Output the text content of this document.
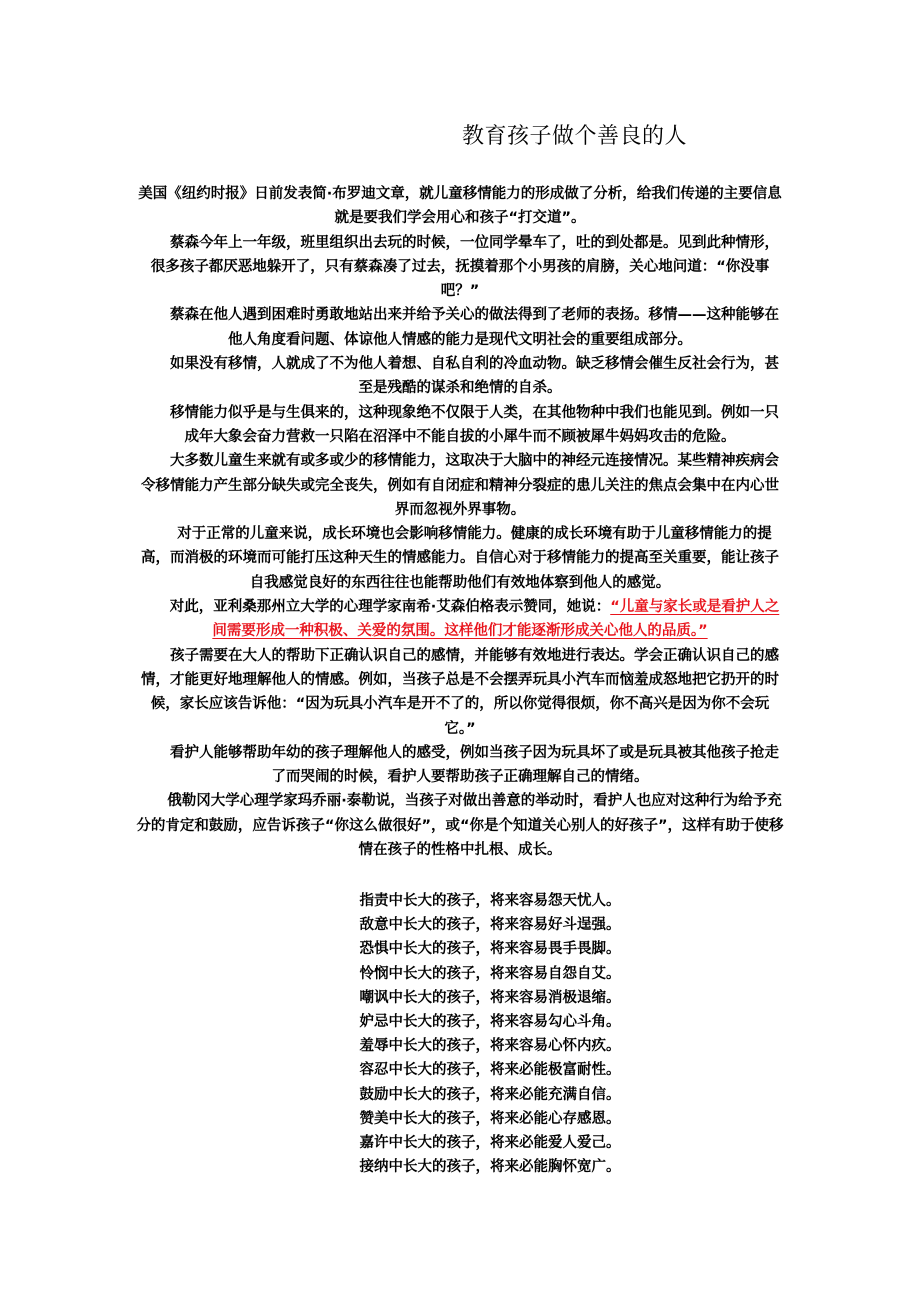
教育孩子做个善良的人

美国《纽约时报》日前发表简·布罗迪文章，就儿童移情能力的形成做了分析，给我们传递的主要信息就是要我们学会用心和孩子“打交道”。

蔡森今年上一年级，班里组织出去玩的时候，一位同学晕车了，吐的到处都是。见到此种情形，很多孩子都厌恶地躲开了，只有蔡森凑了过去，抚摸着那个小男孩的肩膀，关心地问道：“你没事吧？”

蔡森在他人遇到困难时勇敢地站出来并给予关心的做法得到了老师的表扬。移情——这种能够在他人角度看问题、体谅他人情感的能力是现代文明社会的重要组成部分。

如果没有移情，人就成了不为他人着想、自私自利的冷血动物。缺乏移情会催生反社会行为，甚至是残酷的谋杀和绝情的自杀。

移情能力似乎是与生俱来的，这种现象绝不仅限于人类，在其他物种中我们也能见到。例如一只成年大象会奋力营救一只陷在沼泽中不能自拔的小犀牛而不顾被犀牛妈妈攻击的危险。

大多数儿童生来就有或多或少的移情能力，这取决于大脑中的神经元连接情况。某些精神疾病会令移情能力产生部分缺失或完全丧失，例如有自闭症和精神分裂症的患儿关注的焦点会集中在内心世界而忽视外界事物。

对于正常的儿童来说，成长环境也会影响移情能力。健康的成长环境有助于儿童移情能力的提高，而消极的环境而可能打压这种天生的情感能力。自信心对于移情能力的提高至关重要，能让孩子自我感觉良好的东西往往也能帮助他们有效地体察到他人的感觉。

对此，亚利桑那州立大学的心理学家南希·艾森伯格表示赞同，她说：“儿童与家长或是看护人之间需要形成一种积极、关爱的氛围。这样他们才能逐渐形成关心他人的品质。”

孩子需要在大人的帮助下正确认识自己的感情，并能够有效地进行表达。学会正确认识自己的感情，才能更好地理解他人的情感。例如，当孩子总是不会摆弄玩具小汽车而恼羞成怒地把它扔开的时候，家长应该告诉他：“因为玩具小汽车是开不了的，所以你觉得很烦，你不高兴是因为你不会玩它。”

看护人能够帮助年幼的孩子理解他人的感受，例如当孩子因为玩具坏了或是玩具被其他孩子抢走了而哭闹的时候，看护人要帮助孩子正确理解自己的情绪。

俄勒冈大学心理学家玛乔丽·泰勒说，当孩子对做出善意的举动时，看护人也应对这种行为给予充分的肯定和鼓励，应告诉孩子“你这么做很好”，或“你是个知道关心别人的好孩子”，这样有助于使移情在孩子的性格中扎根、成长。

指责中长大的孩子，将来容易怨天忧人。
敌意中长大的孩子，将来容易好斗逞强。
恐惧中长大的孩子，将来容易畏手畏脚。
怜悯中长大的孩子，将来容易自怨自艾。
嘲讽中长大的孩子，将来容易消极退缩。
妒忌中长大的孩子，将来容易勾心斗角。
羞辱中长大的孩子，将来容易心怀内疚。
容忍中长大的孩子，将来必能极富耐性。
鼓励中长大的孩子，将来必能充满自信。
赞美中长大的孩子，将来必能心存感恩。
嘉许中长大的孩子，将来必能爱人爱己。
接纳中长大的孩子，将来必能胸怀宽广。
